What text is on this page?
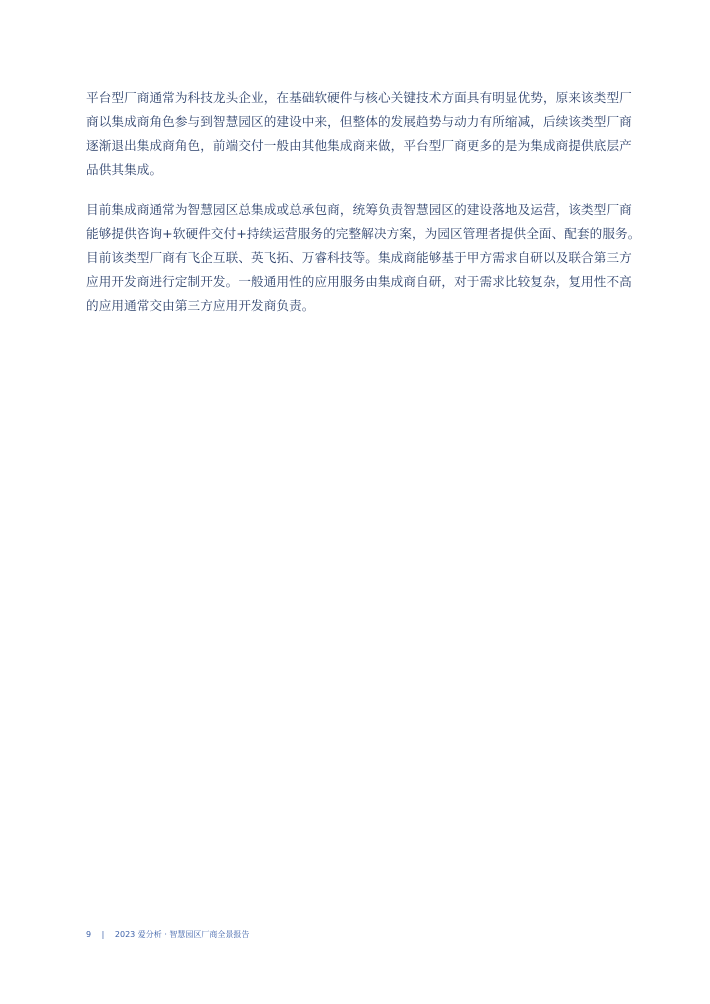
平台型厂商通常为科技龙头企业，在基础软硬件与核心关键技术方面具有明显优势，原来该类型厂
商以集成商角色参与到智慧园区的建设中来，但整体的发展趋势与动力有所缩减，后续该类型厂商
逐渐退出集成商角色，前端交付一般由其他集成商来做，平台型厂商更多的是为集成商提供底层产
品供其集成。

目前集成商通常为智慧园区总集成或总承包商，统筹负责智慧园区的建设落地及运营，该类型厂商
能够提供咨询+软硬件交付+持续运营服务的完整解决方案，为园区管理者提供全面、配套的服务。
目前该类型厂商有飞企互联、英飞拓、万睿科技等。集成商能够基于甲方需求自研以及联合第三方
应用开发商进行定制开发。一般通用性的应用服务由集成商自研，对于需求比较复杂，复用性不高
的应用通常交由第三方应用开发商负责。

9 | 2023 爱分析 · 智慧园区厂商全景报告
